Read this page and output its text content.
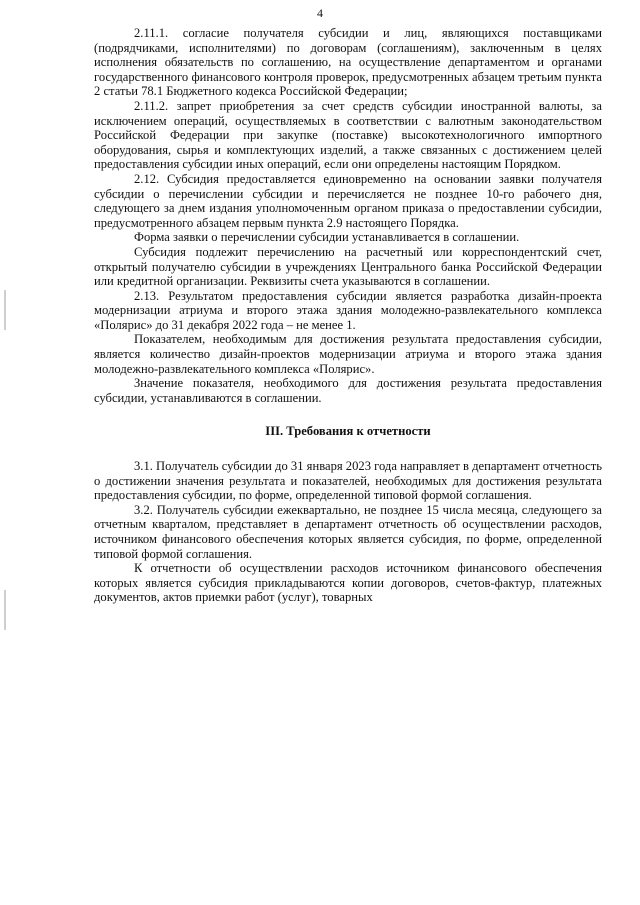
4

2.11.1. согласие получателя субсидии и лиц, являющихся поставщиками (подрядчиками, исполнителями) по договорам (соглашениям), заключенным в целях исполнения обязательств по соглашению, на осуществление департаментом и органами государственного финансового контроля проверок, предусмотренных абзацем третьим пункта 2 статьи 78.1 Бюджетного кодекса Российской Федерации;

2.11.2. запрет приобретения за счет средств субсидии иностранной валюты, за исключением операций, осуществляемых в соответствии с валютным законодательством Российской Федерации при закупке (поставке) высокотехнологичного импортного оборудования, сырья и комплектующих изделий, а также связанных с достижением целей предоставления субсидии иных операций, если они определены настоящим Порядком.

2.12. Субсидия предоставляется единовременно на основании заявки получателя субсидии о перечислении субсидии и перечисляется не позднее 10-го рабочего дня, следующего за днем издания уполномоченным органом приказа о предоставлении субсидии, предусмотренного абзацем первым пункта 2.9 настоящего Порядка.

Форма заявки о перечислении субсидии устанавливается в соглашении.

Субсидия подлежит перечислению на расчетный или корреспондентский счет, открытый получателю субсидии в учреждениях Центрального банка Российской Федерации или кредитной организации. Реквизиты счета указываются в соглашении.

2.13. Результатом предоставления субсидии является разработка дизайн-проекта модернизации атриума и второго этажа здания молодежно-развлекательного комплекса «Полярис» до 31 декабря 2022 года – не менее 1.

Показателем, необходимым для достижения результата предоставления субсидии, является количество дизайн-проектов модернизации атриума и второго этажа здания молодежно-развлекательного комплекса «Полярис».

Значение показателя, необходимого для достижения результата предоставления субсидии, устанавливаются в соглашении.

III. Требования к отчетности

3.1. Получатель субсидии до 31 января 2023 года направляет в департамент отчетность о достижении значения результата и показателей, необходимых для достижения результата предоставления субсидии, по форме, определенной типовой формой соглашения.

3.2. Получатель субсидии ежеквартально, не позднее 15 числа месяца, следующего за отчетным кварталом, представляет в департамент отчетность об осуществлении расходов, источником финансового обеспечения которых является субсидия, по форме, определенной типовой формой соглашения.

К отчетности об осуществлении расходов источником финансового обеспечения которых является субсидия прикладываются копии договоров, счетов-фактур, платежных документов, актов приемки работ (услуг), товарных
